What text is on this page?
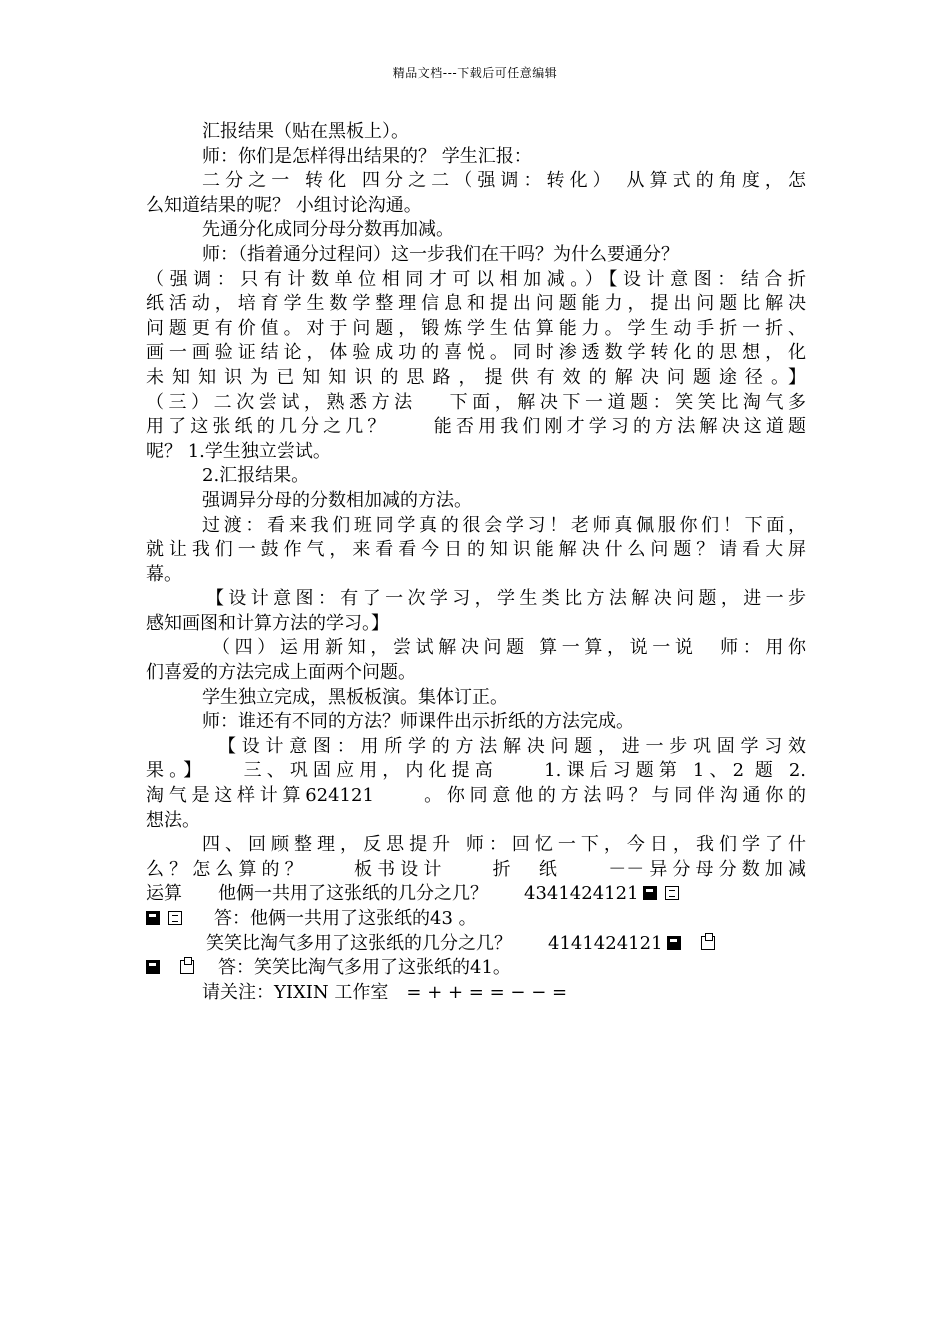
精品文档---下载后可任意编辑
汇报结果（贴在黑板上）。
师：你们是怎样得出结果的？ 学生汇报：
二分之一 转化 四分之二（强调：转化） 从算式的角度，怎
么知道结果的呢？ 小组讨论沟通。
先通分化成同分母分数再加减。
师：（指着通分过程问）这一步我们在干吗？为什么要通分？
（强调：只有计数单位相同才可以相加减。）【设计意图：结合折
纸活动，培育学生数学整理信息和提出问题能力，提出问题比解决
问题更有价值。对于问题，锻炼学生估算能力。学生动手折一折、
画一画验证结论，体验成功的喜悦。同时渗透数学转化的思想，化
未知知识为已知知识的思路，提供有效的解决问题途径。】
（三）二次尝试，熟悉方法　 下面，解决下一道题：笑笑比淘气多
用了这张纸的几分之几？　　能否用我们刚才学习的方法解决这道题
呢？ 1.学生独立尝试。
2.汇报结果。
强调异分母的分数相加减的方法。
过渡：看来我们班同学真的很会学习！老师真佩服你们！下面，
就让我们一鼓作气，来看看今日的知识能解决什么问题？请看大屏
幕。
【设计意图：有了一次学习，学生类比方法解决问题，进一步
感知画图和计算方法的学习。】
（四）运用新知，尝试解决问题 算一算，说一说　师：用你
们喜爱的方法完成上面两个问题。
学生独立完成，黑板板演。集体订正。
师：谁还有不同的方法？师课件出示折纸的方法完成。
【设计意图：用所学的方法解决问题，进一步巩固学习效
果。】　　三、巩固应用，内化提高　　1.课后习题第 1、2 题 2.
淘气是这样计算624121　　。你同意他的方法吗？与同伴沟通你的
想法。
四、回顾整理，反思提升 师：回忆一下，今日，我们学了什
么？怎么算的？　　板书设计　　折　纸　　－－异分母分数加减
运算　　他俩一共用了这张纸的几分之几？　　4341424121
答：他俩一共用了这张纸的43 。
笑笑比淘气多用了这张纸的几分之几？　　4141424121
答：笑笑比淘气多用了这张纸的41。
请关注：YIXIN 工作室　= + + = = − − =
